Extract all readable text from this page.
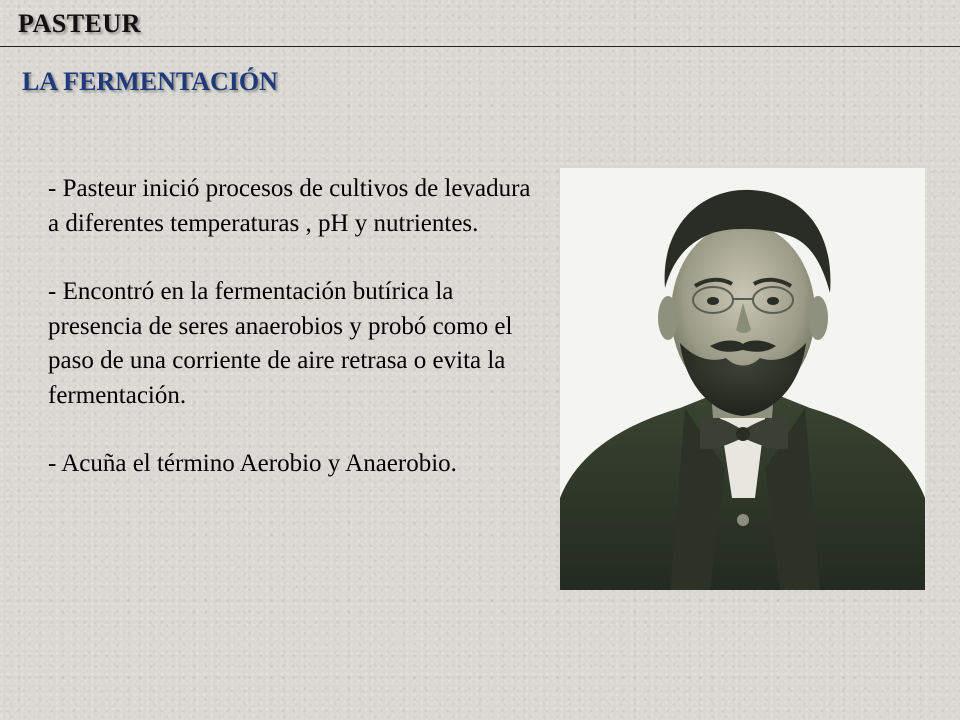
PASTEUR
LA FERMENTACIÓN

- Pasteur inició procesos de cultivos de levadura a diferentes temperaturas , pH y nutrientes.

- Encontró en la fermentación butírica la presencia de seres anaerobios y probó como el paso de una corriente de aire retrasa o evita la fermentación.

- Acuña el término Aerobio y Anaerobio.
